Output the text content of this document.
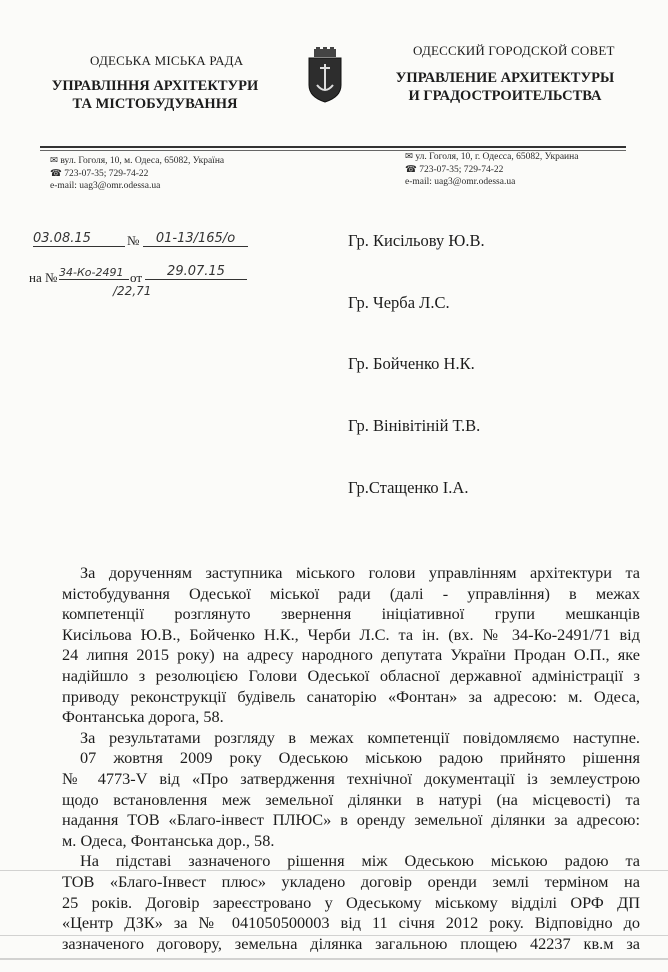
ОДЕСЬКА МІСЬКА РАДА
УПРАВЛІННЯ АРХІТЕКТУРИ
ТА МІСТОБУДУВАННЯ
ОДЕССКИЙ ГОРОДСКОЙ СОВЕТ
УПРАВЛЕНИЕ АРХИТЕКТУРЫ
И ГРАДОСТРОИТЕЛЬСТВА
✉ вул. Гоголя, 10, м. Одеса, 65082, Україна
☎ 723-07-35; 729-74-22
e-mail: uag3@omr.odessa.ua
✉ ул. Гоголя, 10, г. Одесса, 65082, Украина
☎ 723-07-35; 729-74-22
e-mail: uag3@omr.odessa.ua
03.08.15	№	01-13/165/о
на № 34-Ко-2491 от	29.07.15
/22,71
Гр. Кисільову Ю.В.
Гр. Черба Л.С.
Гр. Бойченко Н.К.
Гр. Вінівітіній Т.В.
Гр.Стащенко І.А.
За дорученням заступника міського голови управлінням архітектури та
містобудування Одеської міської ради (далі - управління) в межах
компетенції розглянуто звернення ініціативної групи мешканців
Кисільова Ю.В., Бойченко Н.К., Черби Л.С. та ін. (вх. № 34-Ко-2491/71 від
24 липня 2015 року) на адресу народного депутата України Продан О.П., яке
надійшло з резолюцією Голови Одеської обласної державної адміністрації з
приводу реконструкції будівель санаторію «Фонтан» за адресою: м. Одеса,
Фонтанська дорога, 58.
За результатами розгляду в межах компетенції повідомляємо наступне.
07 жовтня 2009 року Одеською міською радою прийнято рішення
№ 4773-V від «Про затвердження технічної документації із землеустрою
щодо встановлення меж земельної ділянки в натурі (на місцевості) та
надання ТОВ «Благо-інвест ПЛЮС» в оренду земельної ділянки за адресою:
м. Одеса, Фонтанська дор., 58.
На підставі зазначеного рішення між Одеською міською радою та
ТОВ «Благо-Інвест плюс» укладено договір оренди землі терміном на
25 років. Договір зареєстровано у Одеському міському відділі ОРФ ДП
«Центр ДЗК» за № 041050500003 від 11 січня 2012 року. Відповідно до
зазначеного договору, земельна ділянка загальною площею 42237 кв.м за
